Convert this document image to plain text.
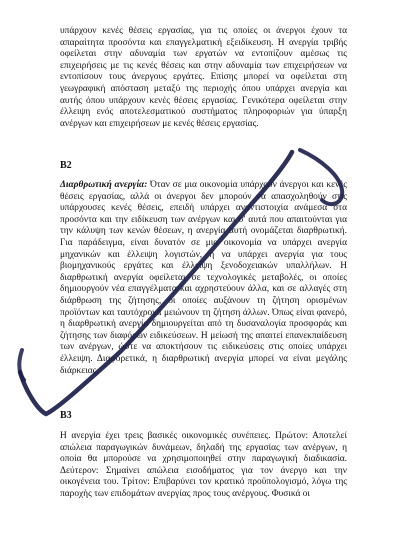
υπάρχουν κενές θέσεις εργασίας, για τις οποίες οι άνεργοι έχουν τα απαραίτητα προσόντα και επαγγελματική εξειδίκευση. Η ανεργία τριβής οφείλεται στην αδυναμία των εργατών να εντοπίζουν αμέσως τις επιχειρήσεις με τις κενές θέσεις και στην αδυναμία των επιχειρήσεων να εντοπίσουν τους άνεργους εργάτες. Επίσης μπορεί να οφείλεται στη γεωγραφική απόσταση μεταξύ της περιοχής όπου υπάρχει ανεργία και αυτής όπου υπάρχουν κενές θέσεις εργασίας. Γενικότερα οφείλεται στην έλλειψη ενός αποτελεσματικού συστήματος πληροφοριών για ύπαρξη ανέργων και επιχειρήσεων με κενές θέσεις εργασίας.

Β2

Διαρθρωτική ανεργία: Όταν σε μια οικονομία υπάρχουν άνεργοι και κενές θέσεις εργασίας, αλλά οι άνεργοι δεν μπορούν να απασχοληθούν στις υπάρχουσες κενές θέσεις, επειδή υπάρχει αναντιστοιχία ανάμεσα στα προσόντα και την ειδίκευση των ανέργων και σ' αυτά που απαιτούνται για την κάλυψη των κενών θέσεων, η ανεργία αυτή ονομάζεται διαρθρωτική. Για παράδειγμα, είναι δυνατόν σε μια οικονομία να υπάρχει ανεργία μηχανικών και έλλειψη λογιστών, ή να υπάρχει ανεργία για τους βιομηχανικούς εργάτες και έλλειψη ξενοδοχειακών υπαλλήλων. Η διαρθρωτική ανεργία οφείλεται σε τεχνολογικές μεταβολές, οι οποίες δημιουργούν νέα επαγγέλματα και αχρηστεύουν άλλα, και σε αλλαγές στη διάρθρωση της ζήτησης, οι οποίες αυξάνουν τη ζήτηση ορισμένων προϊόντων και ταυτόχρονα μειώνουν τη ζήτηση άλλων. Όπως είναι φανερό, η διαρθρωτική ανεργία δημιουργείται από τη δυσαναλογία προσφοράς και ζήτησης των διαφόρων ειδικεύσεων. Η μείωσή της απαιτεί επανεκπαίδευση των ανέργων, ώστε να αποκτήσουν τις ειδικεύσεις στις οποίες υπάρχει έλλειψη. Διαφορετικά, η διαρθρωτική ανεργία μπορεί να είναι μεγάλης διάρκειας.

Β3

Η ανεργία έχει τρεις βασικές οικονομικές συνέπειες. Πρώτον: Αποτελεί απώλεια παραγωγικών δυνάμεων, δηλαδή της εργασίας των ανέργων, η οποία θα μπορούσε να χρησιμοποιηθεί στην παραγωγική διαδικασία. Δεύτερον: Σημαίνει απώλεια εισοδήματος για τον άνεργο και την οικογένεια του. Τρίτον: Επιβαρύνει τον κρατικό προϋπολογισμό, λόγω της παροχής των επιδομάτων ανεργίας προς τους ανέργους. Φυσικά οι
